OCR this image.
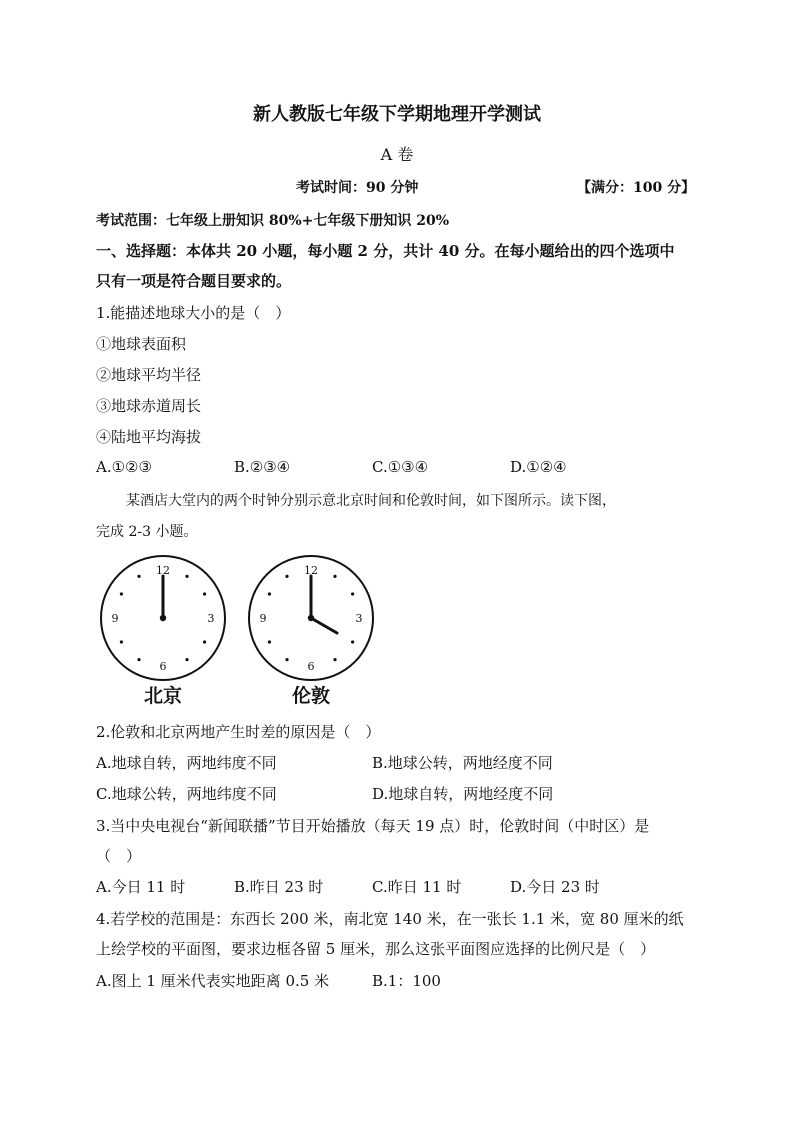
新人教版七年级下学期地理开学测试
A 卷
考试时间：90 分钟	【满分：100 分】
考试范围：七年级上册知识 80%+七年级下册知识 20%
一、选择题：本体共 20 小题，每小题 2 分，共计 40 分。在每小题给出的四个选项中
只有一项是符合题目要求的。
1.能描述地球大小的是（　）
①地球表面积
②地球平均半径
③地球赤道周长
④陆地平均海拔
A.①②③	B.②③④	C.①③④	D.①②④
某酒店大堂内的两个时钟分别示意北京时间和伦敦时间，如下图所示。读下图，
完成 2-3 小题。
12
3
6
9
北京
12
3
6
9
伦敦
2.伦敦和北京两地产生时差的原因是（　）
A.地球自转，两地纬度不同	B.地球公转，两地经度不同
C.地球公转，两地纬度不同	D.地球自转，两地经度不同
3.当中央电视台“新闻联播”节目开始播放（每天 19 点）时，伦敦时间（中时区）是
（　）
A.今日 11 时	B.昨日 23 时	C.昨日 11 时	D.今日 23 时
4.若学校的范围是：东西长 200 米，南北宽 140 米，在一张长 1.1 米，宽 80 厘米的纸
上绘学校的平面图，要求边框各留 5 厘米，那么这张平面图应选择的比例尺是（　）
A.图上 1 厘米代表实地距离 0.5 米	B.1：100
